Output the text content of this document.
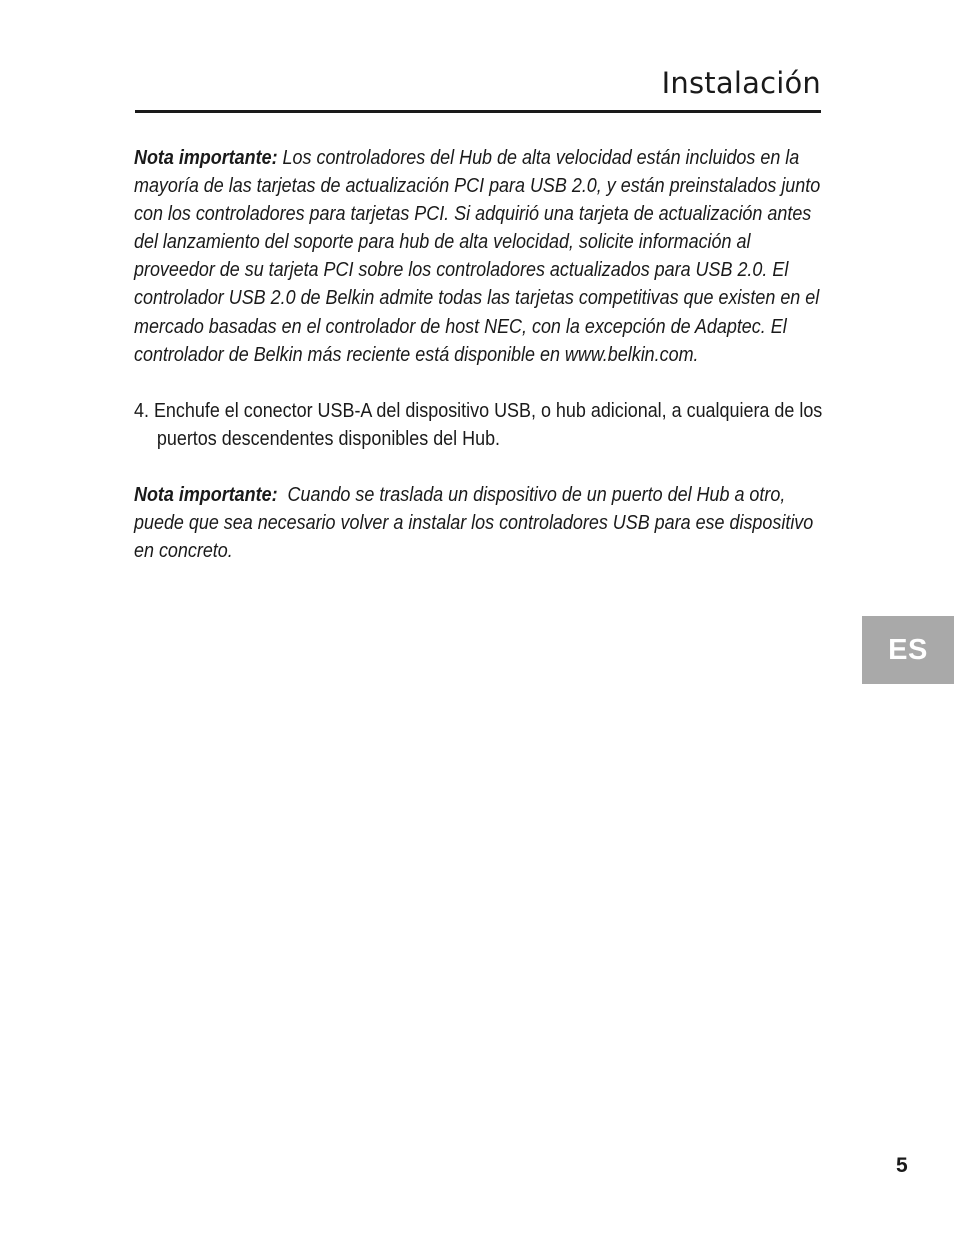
Instalación

Nota importante: Los controladores del Hub de alta velocidad están incluidos en la mayoría de las tarjetas de actualización PCI para USB 2.0, y están preinstalados junto con los controladores para tarjetas PCI. Si adquirió una tarjeta de actualización antes del lanzamiento del soporte para hub de alta velocidad, solicite información al proveedor de su tarjeta PCI sobre los controladores actualizados para USB 2.0. El controlador USB 2.0 de Belkin admite todas las tarjetas competitivas que existen en el mercado basadas en el controlador de host NEC, con la excepción de Adaptec. El controlador de Belkin más reciente está disponible en www.belkin.com.

4. Enchufe el conector USB-A del dispositivo USB, o hub adicional, a cualquiera de los puertos descendentes disponibles del Hub.

Nota importante: Cuando se traslada un dispositivo de un puerto del Hub a otro, puede que sea necesario volver a instalar los controladores USB para ese dispositivo en concreto.

ES
5
